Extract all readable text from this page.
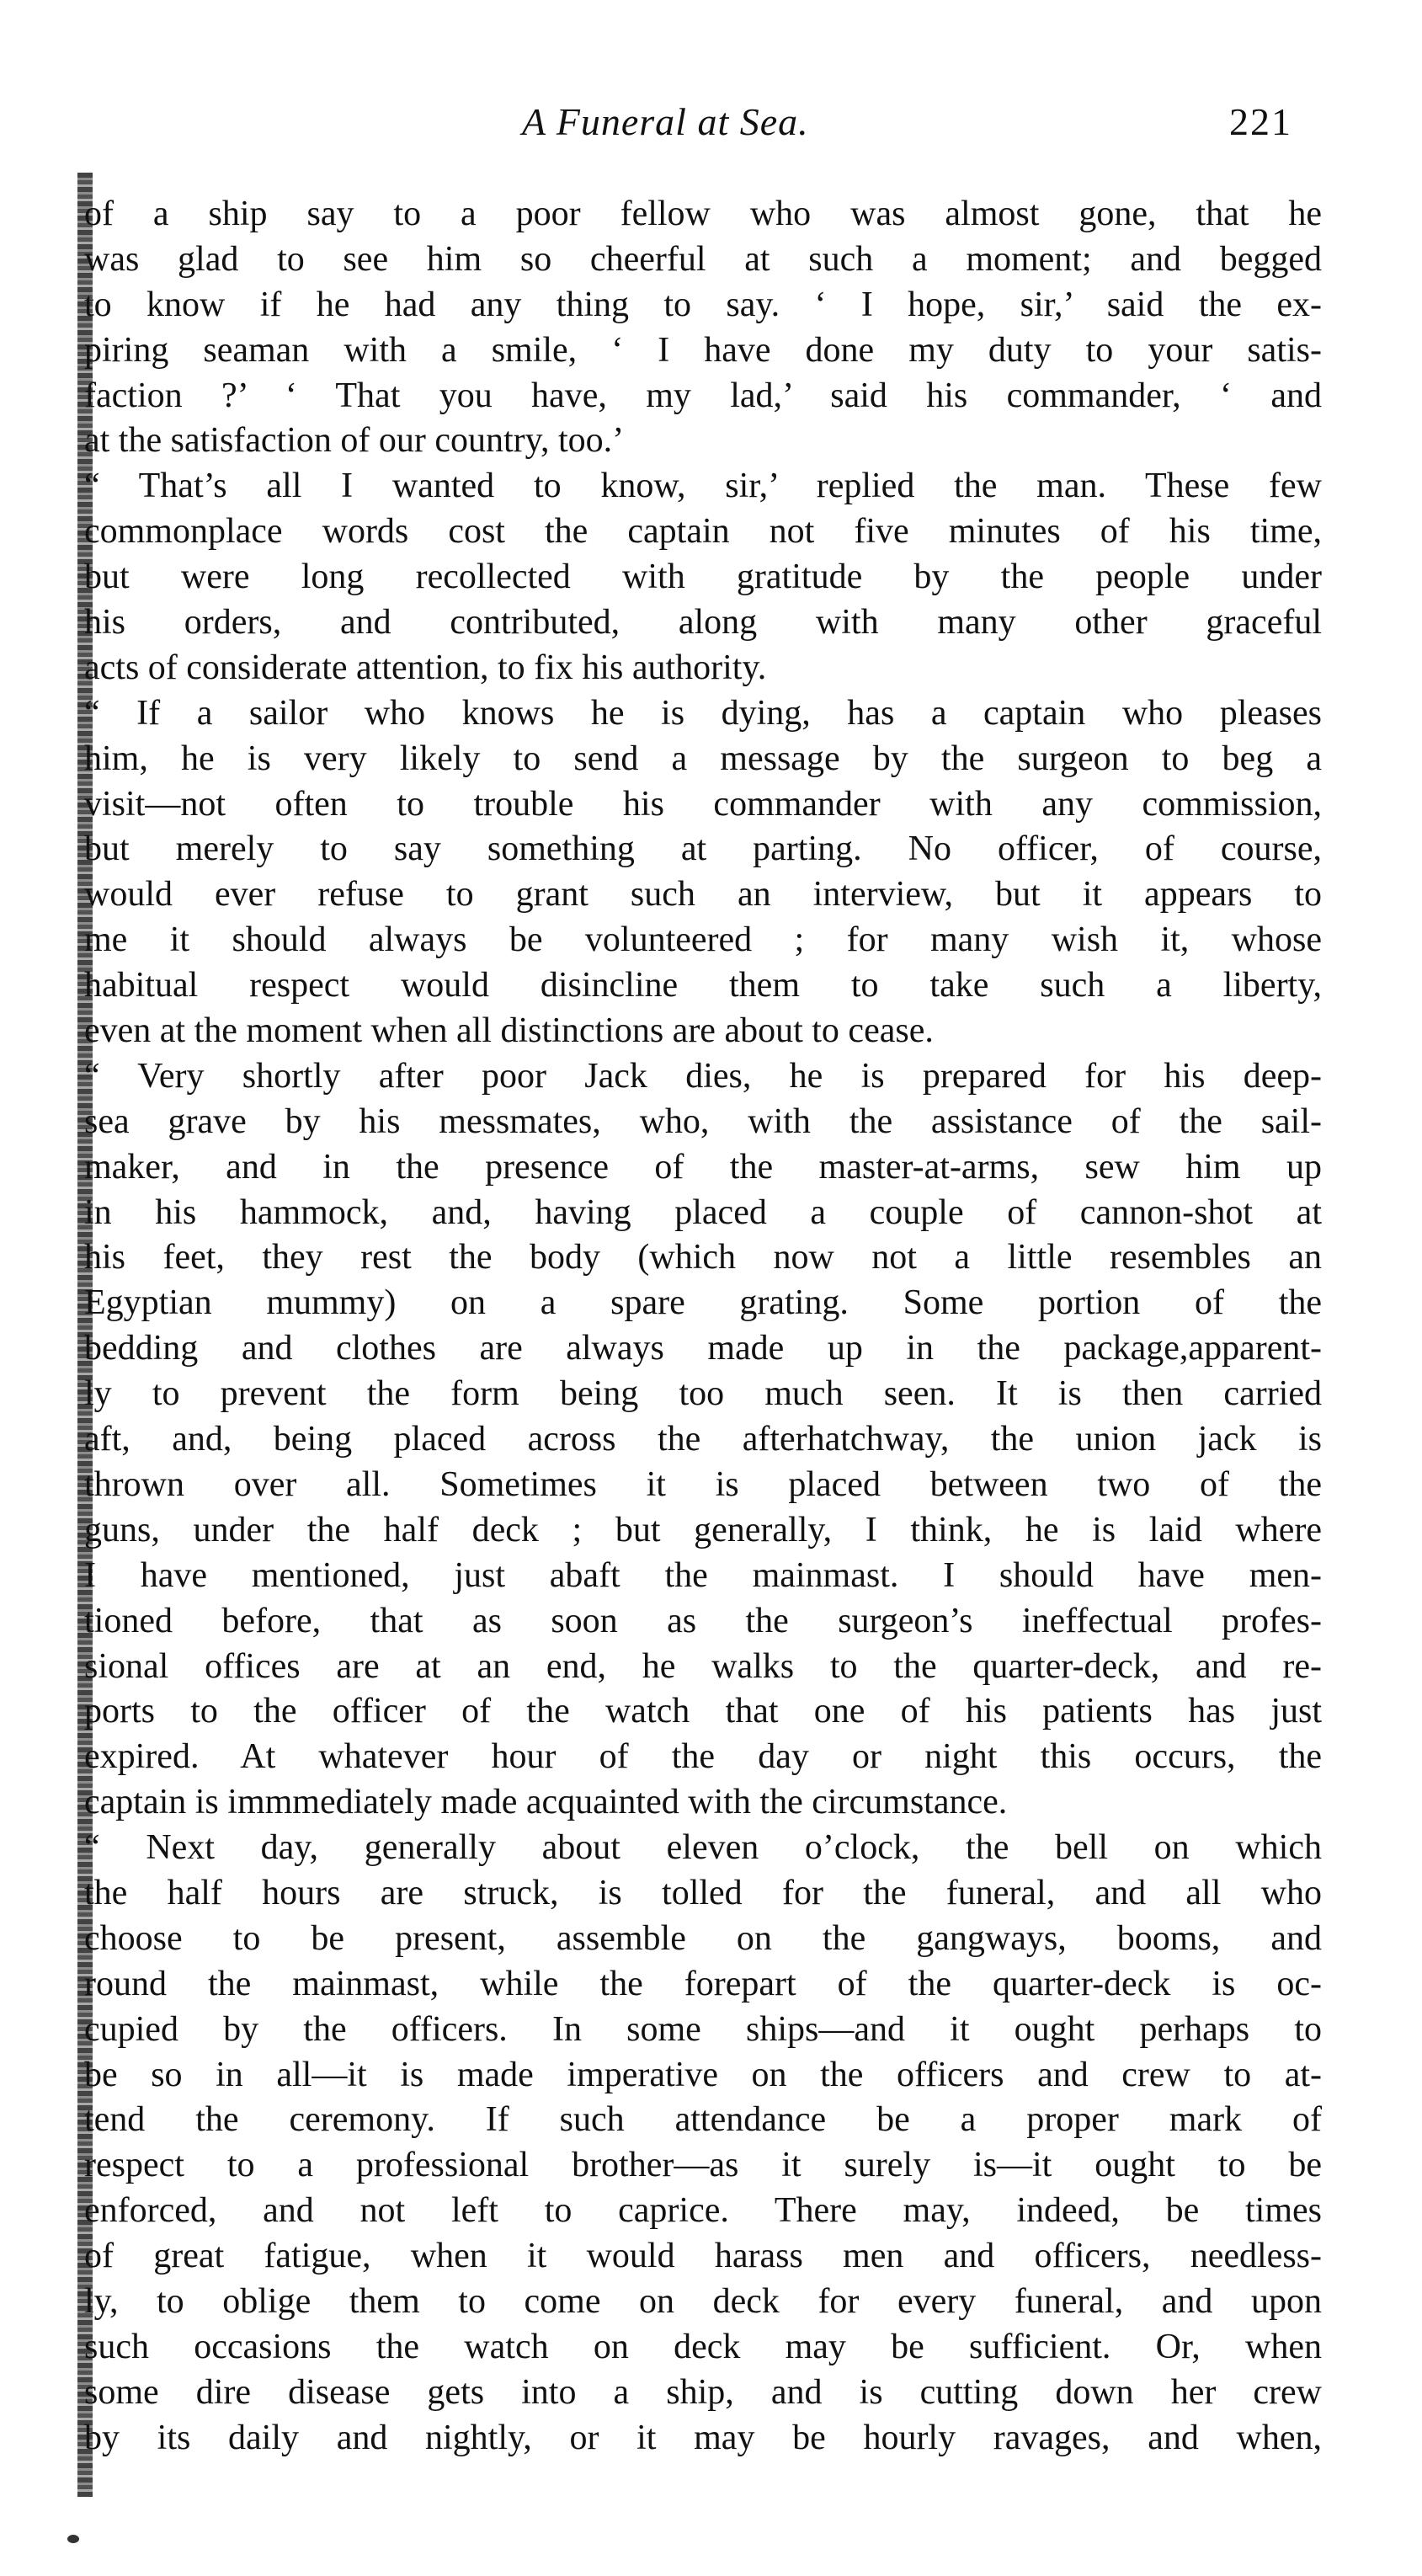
A Funeral at Sea.	221
of a ship say to a poor fellow who was almost gone, that he
was glad to see him so cheerful at such a moment; and begged
to know if he had any thing to say. ‘ I hope, sir,’ said the ex-
piring seaman with a smile, ‘ I have done my duty to your satis-
faction ?’ ‘ That you have, my lad,’ said his commander, ‘ and
at the satisfaction of our country, too.’
“ That’s all I wanted to know, sir,’ replied the man. These few
commonplace words cost the captain not five minutes of his time,
but were long recollected with gratitude by the people under
his orders, and contributed, along with many other graceful
acts of considerate attention, to fix his authority.
“ If a sailor who knows he is dying, has a captain who pleases
him, he is very likely to send a message by the surgeon to beg a
visit—not often to trouble his commander with any commission,
but merely to say something at parting. No officer, of course,
would ever refuse to grant such an interview, but it appears to
me it should always be volunteered ; for many wish it, whose
habitual respect would disincline them to take such a liberty,
even at the moment when all distinctions are about to cease.
“ Very shortly after poor Jack dies, he is prepared for his deep-
sea grave by his messmates, who, with the assistance of the sail-
maker, and in the presence of the master-at-arms, sew him up
in his hammock, and, having placed a couple of cannon-shot at
his feet, they rest the body (which now not a little resembles an
Egyptian mummy) on a spare grating. Some portion of the
bedding and clothes are always made up in the package,apparent-
ly to prevent the form being too much seen. It is then carried
aft, and, being placed across the afterhatchway, the union jack is
thrown over all. Sometimes it is placed between two of the
guns, under the half deck ; but generally, I think, he is laid where
I have mentioned, just abaft the mainmast. I should have men-
tioned before, that as soon as the surgeon’s ineffectual profes-
sional offices are at an end, he walks to the quarter-deck, and re-
ports to the officer of the watch that one of his patients has just
expired. At whatever hour of the day or night this occurs, the
captain is immmediately made acquainted with the circumstance.
“ Next day, generally about eleven o’clock, the bell on which
the half hours are struck, is tolled for the funeral, and all who
choose to be present, assemble on the gangways, booms, and
round the mainmast, while the forepart of the quarter-deck is oc-
cupied by the officers. In some ships—and it ought perhaps to
be so in all—it is made imperative on the officers and crew to at-
tend the ceremony. If such attendance be a proper mark of
respect to a professional brother—as it surely is—it ought to be
enforced, and not left to caprice. There may, indeed, be times
of great fatigue, when it would harass men and officers, needless-
ly, to oblige them to come on deck for every funeral, and upon
such occasions the watch on deck may be sufficient. Or, when
some dire disease gets into a ship, and is cutting down her crew
by its daily and nightly, or it may be hourly ravages, and when,
